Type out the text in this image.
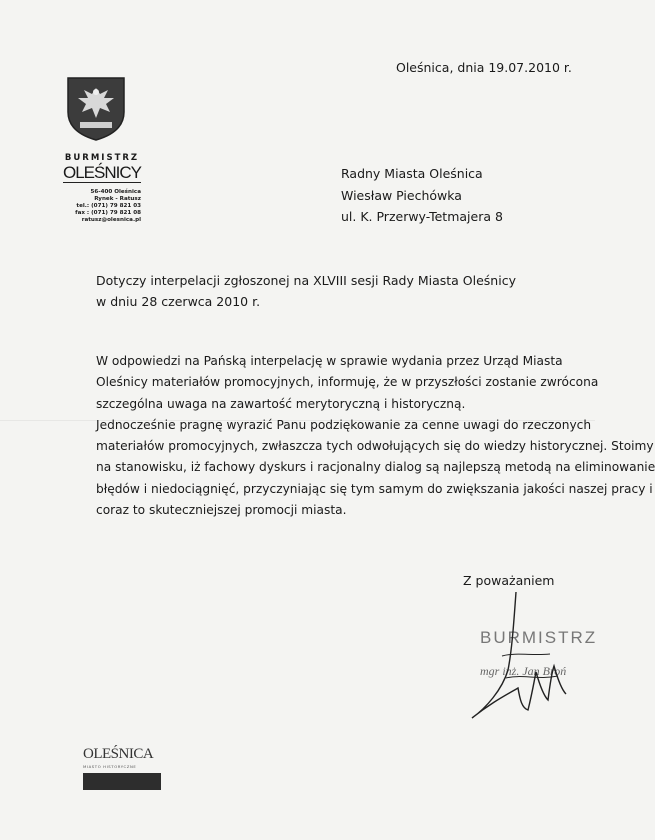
Oleśnica, dnia 19.07.2010 r.
BURMISTRZ
OLEŚNICY
56-400 Oleśnica
Rynek - Ratusz
tel.: (071) 79 821 03
fax : (071) 79 821 08
ratusz@olesnica.pl
Radny Miasta Oleśnica
Wiesław Piechówka
ul. K. Przerwy-Tetmajera 8
Dotyczy interpelacji zgłoszonej na XLVIII sesji Rady Miasta Oleśnicy
w dniu 28 czerwca 2010 r.

W odpowiedzi na Pańską interpelację w sprawie wydania przez Urząd Miasta
Oleśnicy materiałów promocyjnych, informuję, że w przyszłości zostanie zwrócona
szczególna uwaga na zawartość merytoryczną i historyczną.

Jednocześnie pragnę wyrazić Panu podziękowanie za cenne uwagi do rzeczonych
materiałów promocyjnych, zwłaszcza tych odwołujących się do wiedzy historycznej. Stoimy
na stanowisku, iż fachowy dyskurs i racjonalny dialog są najlepszą metodą na eliminowanie
błędów i niedociągnięć, przyczyniając się tym samym do zwiększania jakości naszej pracy i
coraz to skuteczniejszej promocji miasta.

Z poważaniem
BURMISTRZ
mgr inż. Jan Broń
OLEŚNICA
MIASTO HISTORYCZNE
